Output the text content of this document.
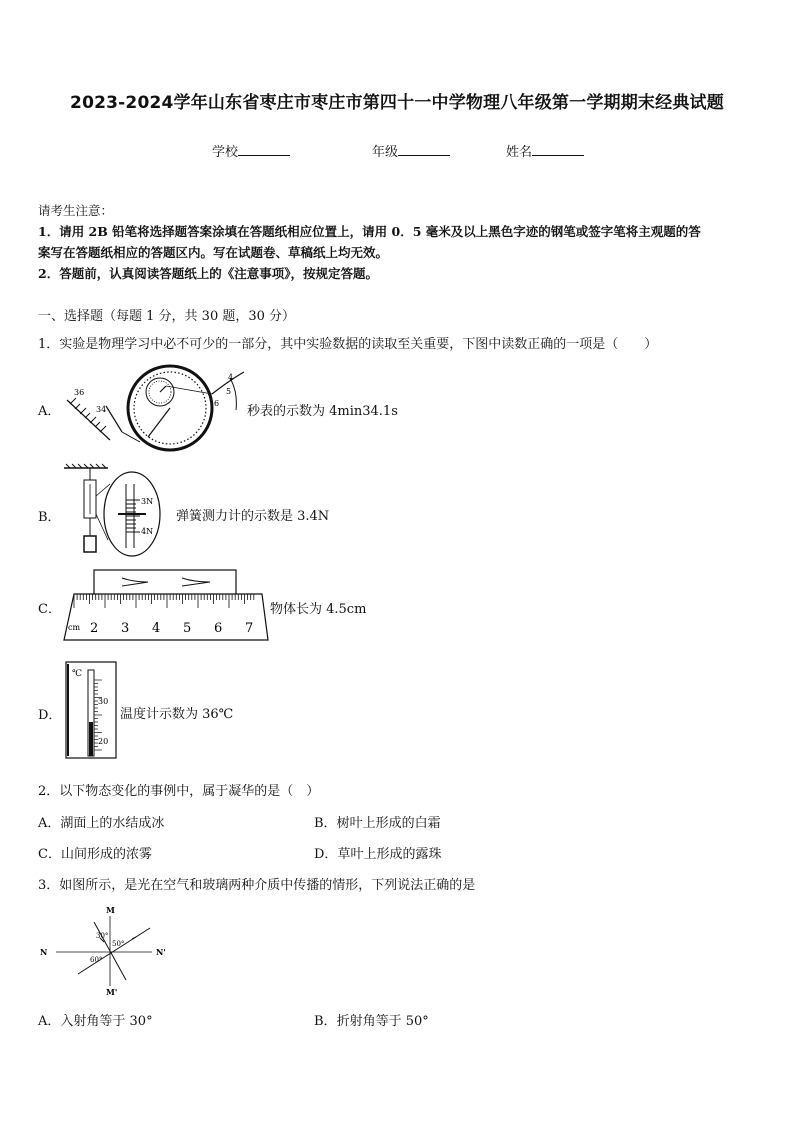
2023-2024学年山东省枣庄市枣庄市第四十一中学物理八年级第一学期期末经典试题
学校	年级	姓名
请考生注意：
1．请用 2B 铅笔将选择题答案涂填在答题纸相应位置上，请用 0．5 毫米及以上黑色字迹的钢笔或签字笔将主观题的答
案写在答题纸相应的答题区内。写在试题卷、草稿纸上均无效。
2．答题前，认真阅读答题纸上的《注意事项》，按规定答题。
一、选择题（每题 1 分，共 30 题，30 分）
1．实验是物理学习中必不可少的一部分，其中实验数据的读取至关重要，下图中读数正确的一项是（　　）
A．
36
34
4
5
6
秒表的示数为 4min34.1s
B．
3N
4N
弹簧测力计的示数是 3.4N
C．
cm 2 3 4 5 6 7
物体长为 4.5cm
D．
℃
30
20
温度计示数为 36℃
2．以下物态变化的事例中，属于凝华的是（　）
A．湖面上的水结成冰	B．树叶上形成的白霜
C．山间形成的浓雾	D．草叶上形成的露珠
3．如图所示，是光在空气和玻璃两种介质中传播的情形，下列说法正确的是
M
M'
N	N'
30°
50°
60°
A．入射角等于 30°	B．折射角等于 50°
